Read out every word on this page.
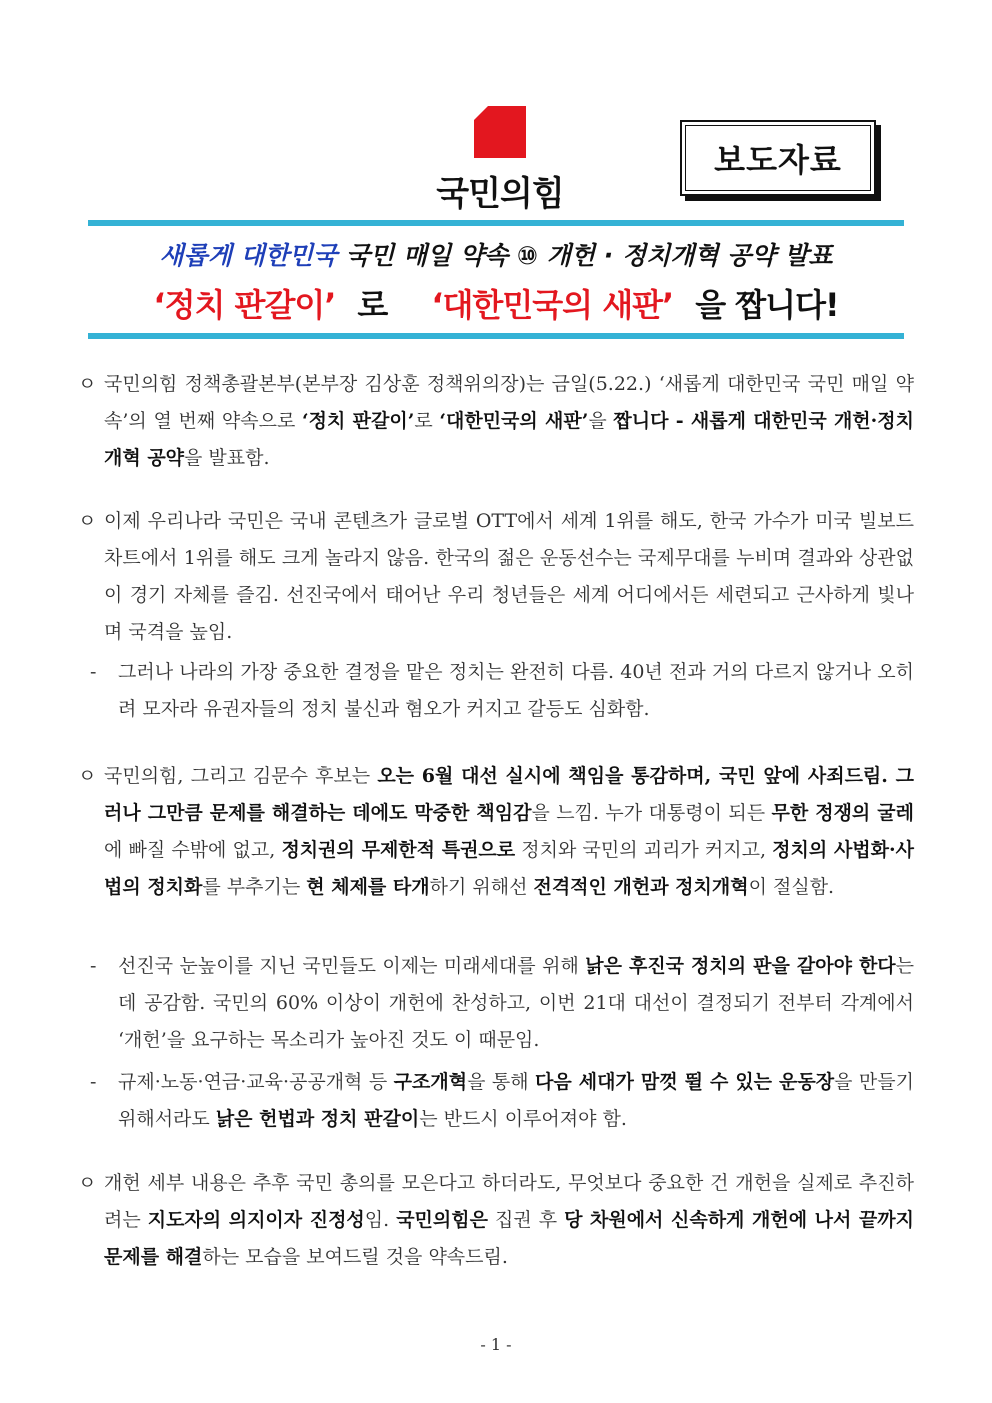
국민의힘
보도자료
새롭게 대한민국 국민 매일 약속 ⑩ 개헌 · 정치개혁 공약 발표
‘정치 판갈이’ 로 ‘대한민국의 새판’ 을 짭니다!
ㅇ 국민의힘 정책총괄본부(본부장 김상훈 정책위의장)는 금일(5.22.) ‘새롭게 대한민국 국민 매일 약속’의 열 번째 약속으로 ‘정치 판갈이’로 ‘대한민국의 새판’을 짭니다 - 새롭게 대한민국 개헌·정치개혁 공약을 발표함.
ㅇ 이제 우리나라 국민은 국내 콘텐츠가 글로벌 OTT에서 세계 1위를 해도, 한국 가수가 미국 빌보드 차트에서 1위를 해도 크게 놀라지 않음. 한국의 젊은 운동선수는 국제무대를 누비며 결과와 상관없이 경기 자체를 즐김. 선진국에서 태어난 우리 청년들은 세계 어디에서든 세련되고 근사하게 빛나며 국격을 높임.
-	그러나 나라의 가장 중요한 결정을 맡은 정치는 완전히 다름. 40년 전과 거의 다르지 않거나 오히려 모자라 유권자들의 정치 불신과 혐오가 커지고 갈등도 심화함.
ㅇ 국민의힘, 그리고 김문수 후보는 오는 6월 대선 실시에 책임을 통감하며, 국민 앞에 사죄드림. 그러나 그만큼 문제를 해결하는 데에도 막중한 책임감을 느낌. 누가 대통령이 되든 무한 정쟁의 굴레에 빠질 수밖에 없고, 정치권의 무제한적 특권으로 정치와 국민의 괴리가 커지고, 정치의 사법화·사법의 정치화를 부추기는 현 체제를 타개하기 위해선 전격적인 개헌과 정치개혁이 절실함.
-	선진국 눈높이를 지닌 국민들도 이제는 미래세대를 위해 낡은 후진국 정치의 판을 갈아야 한다는 데 공감함. 국민의 60% 이상이 개헌에 찬성하고, 이번 21대 대선이 결정되기 전부터 각계에서 ‘개헌’을 요구하는 목소리가 높아진 것도 이 때문임.
-	규제·노동·연금·교육·공공개혁 등 구조개혁을 통해 다음 세대가 맘껏 뛸 수 있는 운동장을 만들기 위해서라도 낡은 헌법과 정치 판갈이는 반드시 이루어져야 함.
ㅇ 개헌 세부 내용은 추후 국민 총의를 모은다고 하더라도, 무엇보다 중요한 건 개헌을 실제로 추진하려는 지도자의 의지이자 진정성임. 국민의힘은 집권 후 당 차원에서 신속하게 개헌에 나서 끝까지 문제를 해결하는 모습을 보여드릴 것을 약속드림.
- 1 -
